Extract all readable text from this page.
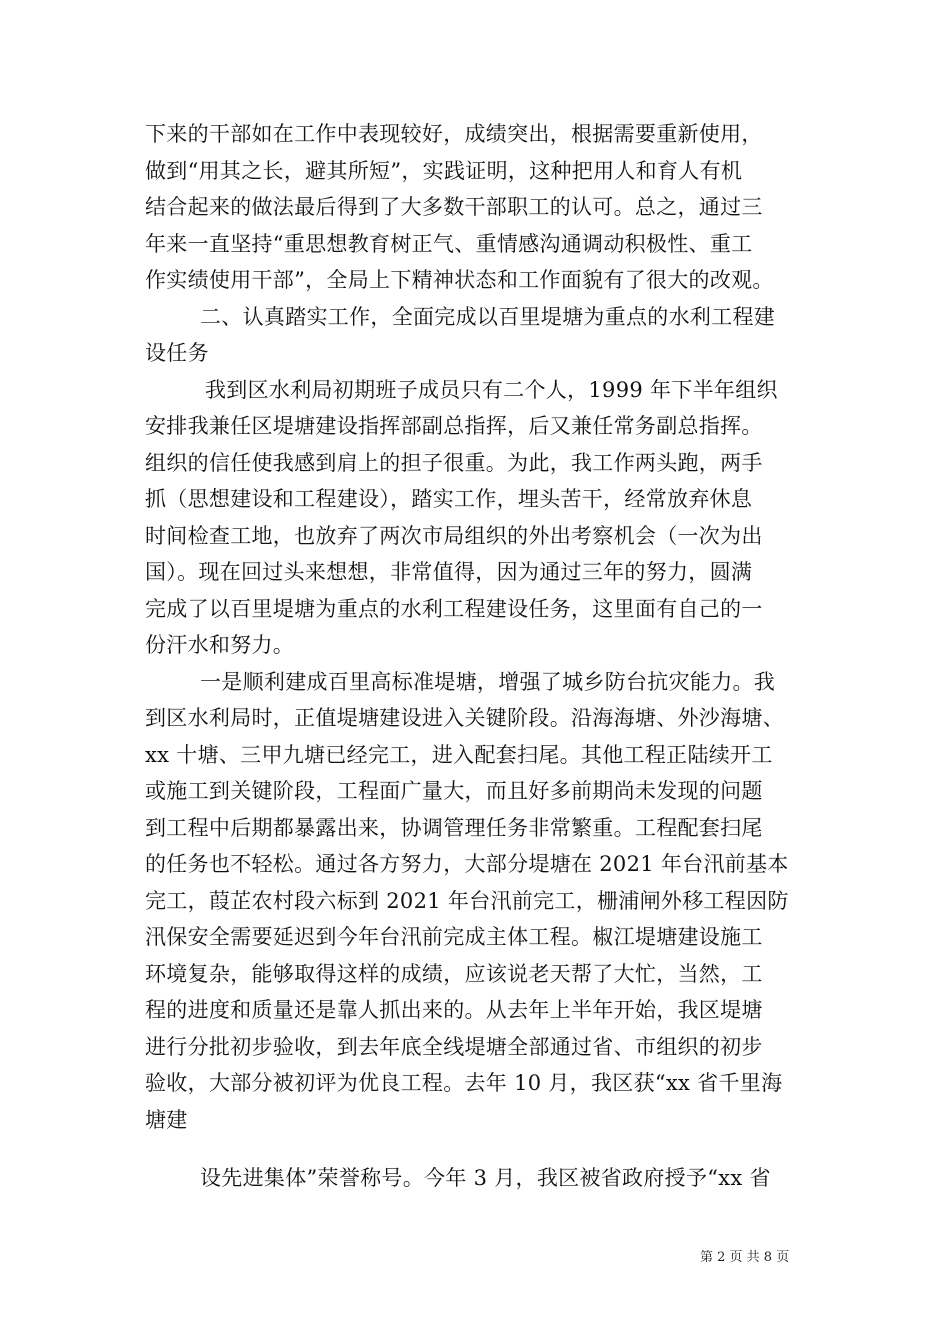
下来的干部如在工作中表现较好，成绩突出，根据需要重新使用，
做到“用其之长，避其所短”，实践证明，这种把用人和育人有机
结合起来的做法最后得到了大多数干部职工的认可。总之，通过三
年来一直坚持“重思想教育树正气、重情感沟通调动积极性、重工
作实绩使用干部”，全局上下精神状态和工作面貌有了很大的改观。
二、认真踏实工作，全面完成以百里堤塘为重点的水利工程建
设任务
我到区水利局初期班子成员只有二个人，1999 年下半年组织
安排我兼任区堤塘建设指挥部副总指挥，后又兼任常务副总指挥。
组织的信任使我感到肩上的担子很重。为此，我工作两头跑，两手
抓（思想建设和工程建设），踏实工作，埋头苦干，经常放弃休息
时间检查工地，也放弃了两次市局组织的外出考察机会（一次为出
国）。现在回过头来想想，非常值得，因为通过三年的努力，圆满
完成了以百里堤塘为重点的水利工程建设任务，这里面有自己的一
份汗水和努力。
一是顺利建成百里高标准堤塘，增强了城乡防台抗灾能力。我
到区水利局时，正值堤塘建设进入关键阶段。沿海海塘、外沙海塘、
xx 十塘、三甲九塘已经完工，进入配套扫尾。其他工程正陆续开工
或施工到关键阶段，工程面广量大，而且好多前期尚未发现的问题
到工程中后期都暴露出来，协调管理任务非常繁重。工程配套扫尾
的任务也不轻松。通过各方努力，大部分堤塘在 2021 年台汛前基本
完工，葭芷农村段六标到 2021 年台汛前完工，栅浦闸外移工程因防
汛保安全需要延迟到今年台汛前完成主体工程。椒江堤塘建设施工
环境复杂，能够取得这样的成绩，应该说老天帮了大忙，当然，工
程的进度和质量还是靠人抓出来的。从去年上半年开始，我区堤塘
进行分批初步验收，到去年底全线堤塘全部通过省、市组织的初步
验收，大部分被初评为优良工程。去年 10 月，我区获“xx 省千里海
塘建
设先进集体”荣誉称号。今年 3 月，我区被省政府授予“xx 省
第 2 页 共 8 页
